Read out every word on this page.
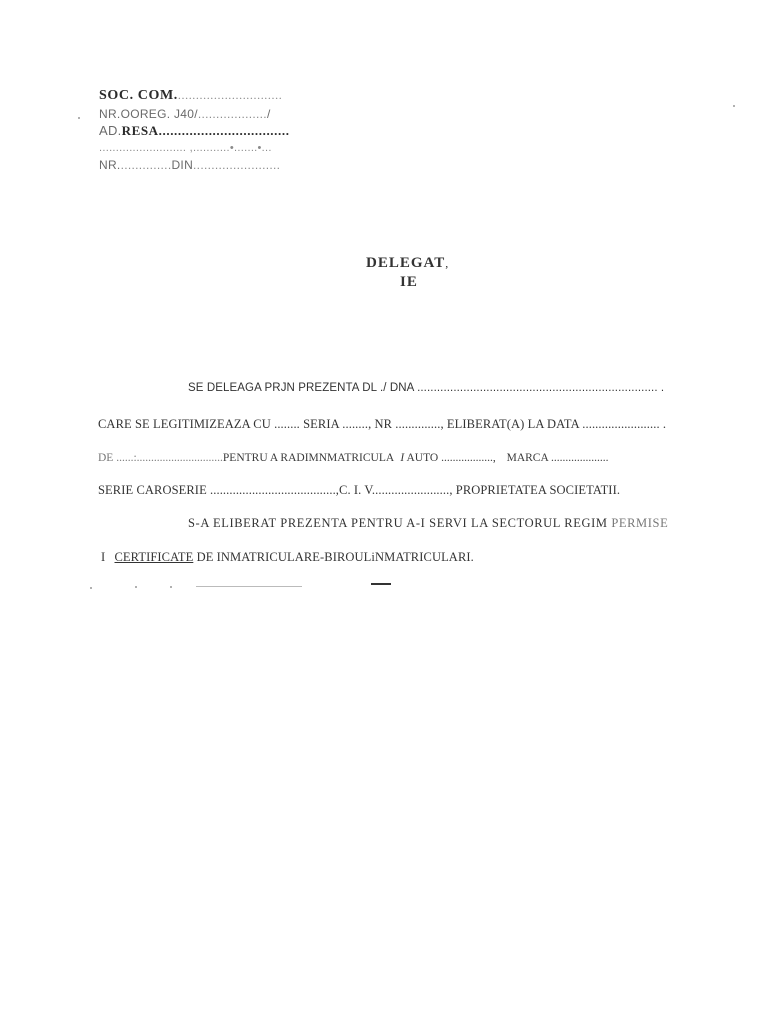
SOC. COM..............................
NR.OOREG. J40/.................../
AD.RESA..................................
.......................... ,...........•.......•...
NR...............DIN........................
DELEGAT,
IE
SE DELEAGA PRJN PREZENTA DL ./ DNA ......................................................................... .
CARE SE LEGITIMIZEAZA CU ........ SERIA ........, NR .............., ELIBERAT(A) LA DATA ........................ .
DE ......:..............................PENTRU A RADIMNMATRICULA I AUTO .................., MARCA ....................
SERIE CAROSERIE .......................................,C. I. V........................, PROPRIETATEA SOCIETATII.
S-A ELIBERAT PREZENTA PENTRU A-I SERVI LA SECTORUL REGIM PERMISE
I CERTIFICATE DE INMATRICULARE-BIROULiNMATRICULARI.
